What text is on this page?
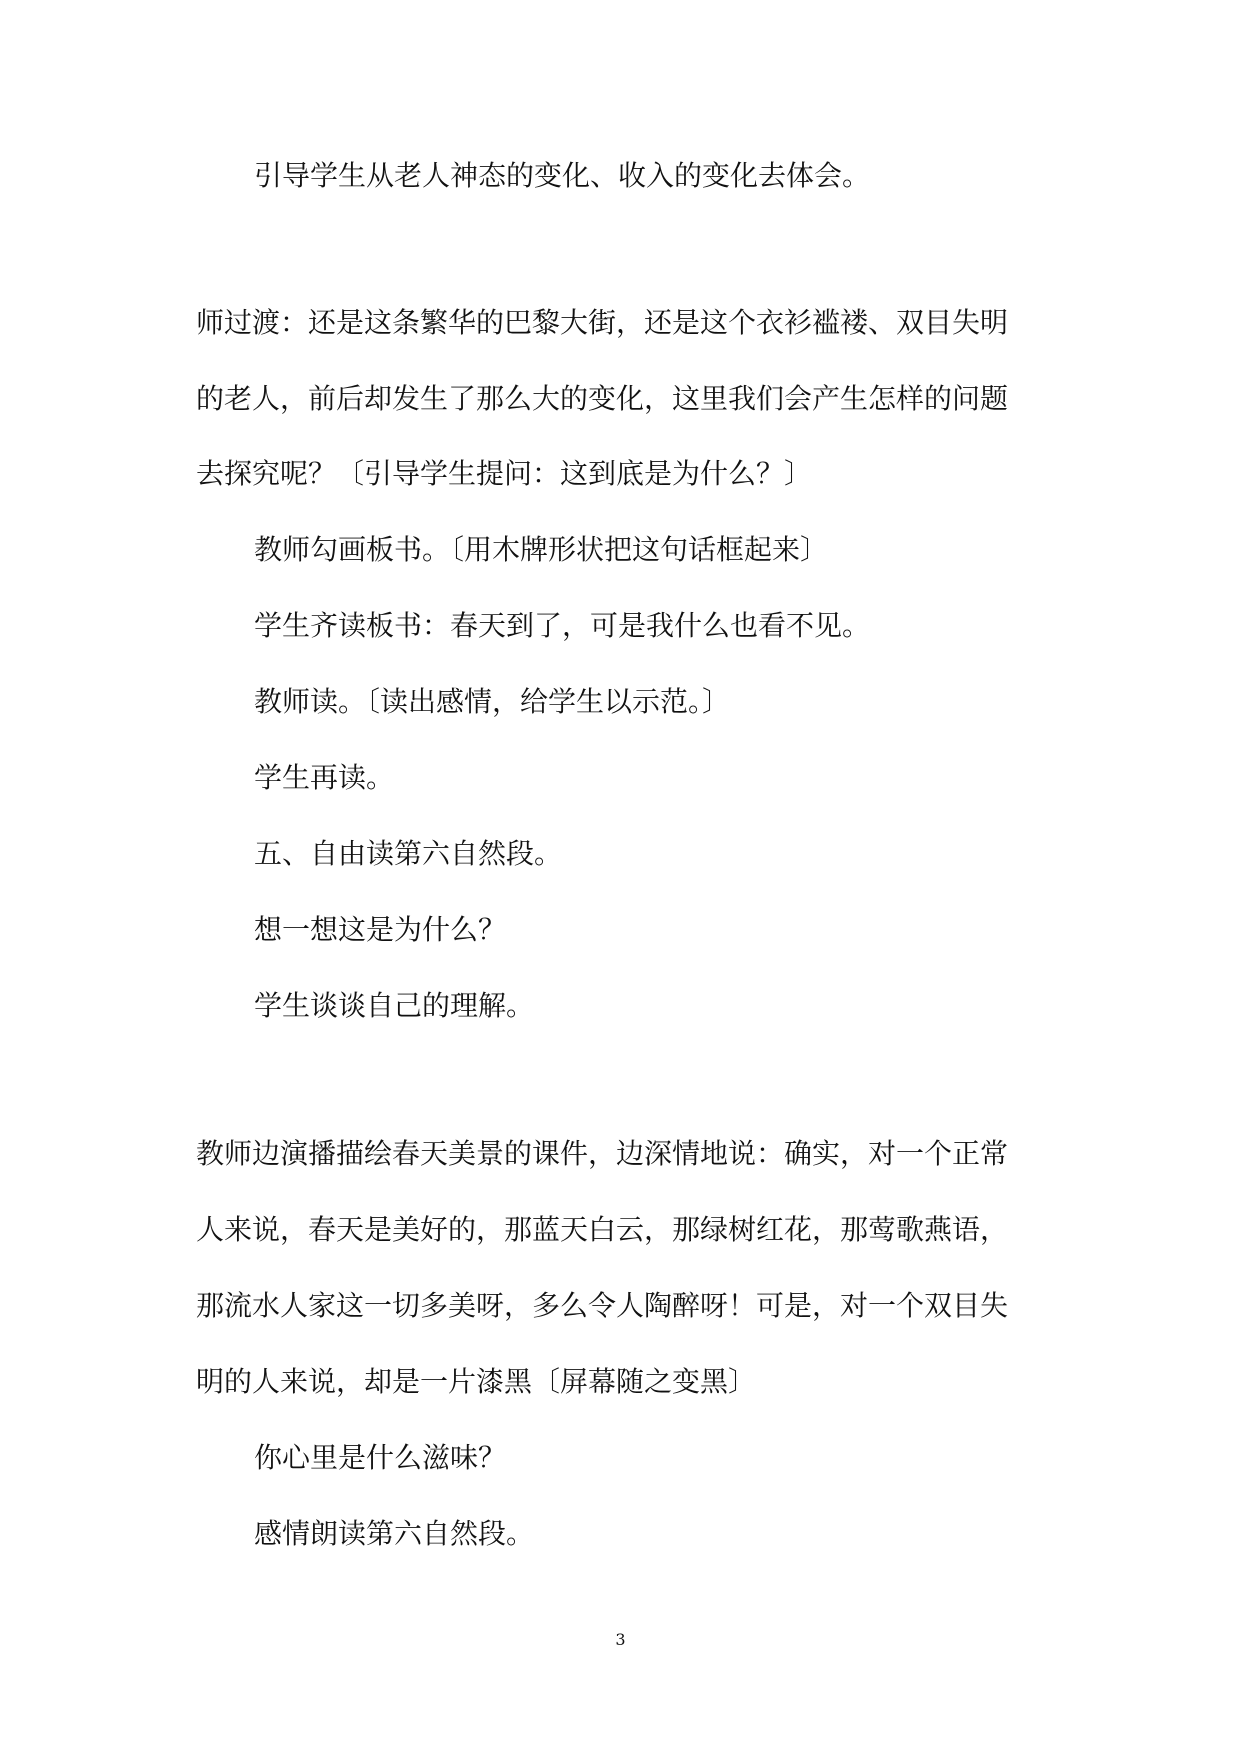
引导学生从老人神态的变化、收入的变化去体会。
师过渡：还是这条繁华的巴黎大街，还是这个衣衫褴褛、双目失明
的老人，前后却发生了那么大的变化，这里我们会产生怎样的问题
去探究呢？〔引导学生提问：这到底是为什么？〕
教师勾画板书。〔用木牌形状把这句话框起来〕
学生齐读板书：春天到了，可是我什么也看不见。
教师读。〔读出感情，给学生以示范。〕
学生再读。
五、自由读第六自然段。
想一想这是为什么？
学生谈谈自己的理解。
教师边演播描绘春天美景的课件，边深情地说：确实，对一个正常
人来说，春天是美好的，那蓝天白云，那绿树红花，那莺歌燕语，
那流水人家这一切多美呀，多么令人陶醉呀！可是，对一个双目失
明的人来说，却是一片漆黑〔屏幕随之变黑〕
你心里是什么滋味？
感情朗读第六自然段。
3
